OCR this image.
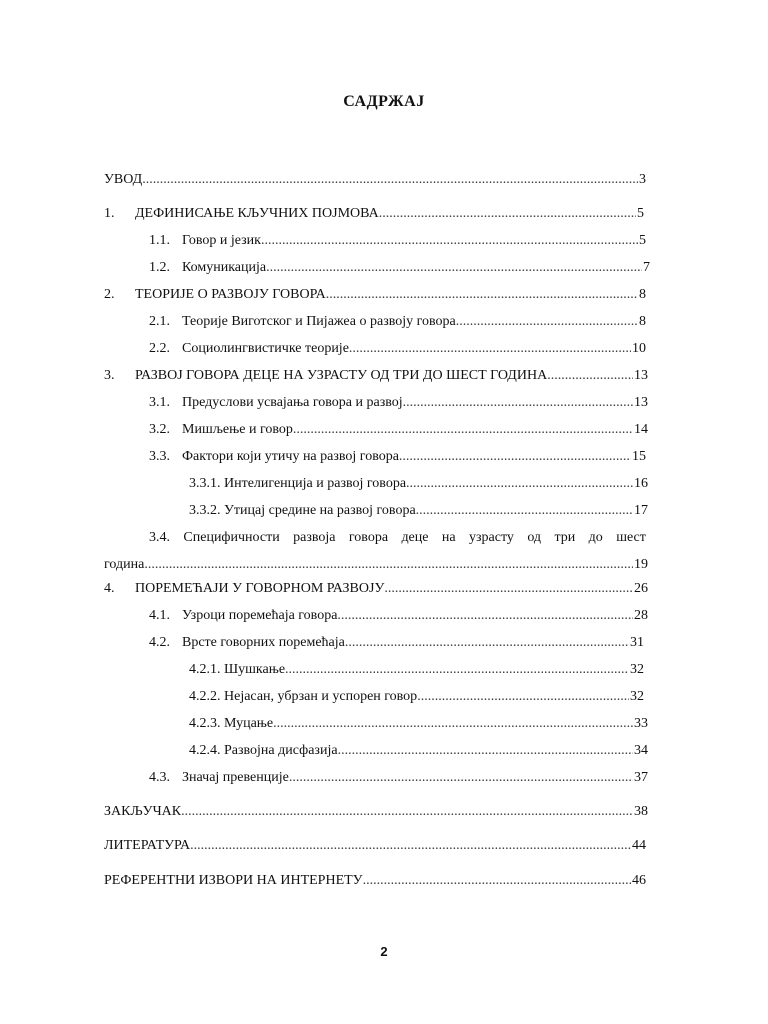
САДРЖАЈ
УВОД .....	3
1.	ДЕФИНИСАЊЕ КЉУЧНИХ ПОЈМОВА .....	5
1.1. Говор и језик .....	5
1.2. Комуникација .....	7
2.	ТЕОРИЈЕ О РАЗВОЈУ ГОВОРА .....	8
2.1. Теорије Виготског и Пијажеа о развоју говора .....	8
2.2. Социолингвистичке теорије .....	10
3.	РАЗВОЈ ГОВОРА ДЕЦЕ НА УЗРАСТУ ОД ТРИ ДО ШЕСТ ГОДИНА .....	13
3.1. Предуслови усвајања говора и развој .....	13
3.2. Мишљење и говор .....	14
3.3. Фактори који утичу на развој говора .....	15
3.3.1. Интелигенција и развој говора .....	16
3.3.2. Утицај средине на развој говора .....	17
3.4. Специфичности развоја говора деце на узрасту од три до шест
година .....	19
4.	ПОРЕМЕЋАЈИ У ГОВОРНОМ РАЗВОЈУ .....	26
4.1. Узроци поремећаја говора .....	28
4.2. Врсте говорних поремећаја .....	31
4.2.1. Шушкање .....	32
4.2.2. Нејасан, убрзан и успорен говор .....	32
4.2.3. Муцање .....	33
4.2.4. Развојна дисфазија .....	34
4.3. Значај превенције .....	37
ЗАКЉУЧАК .....	38
ЛИТЕРАТУРА .....	44
РЕФЕРЕНТНИ ИЗВОРИ НА ИНТЕРНЕТУ .....	46
2
